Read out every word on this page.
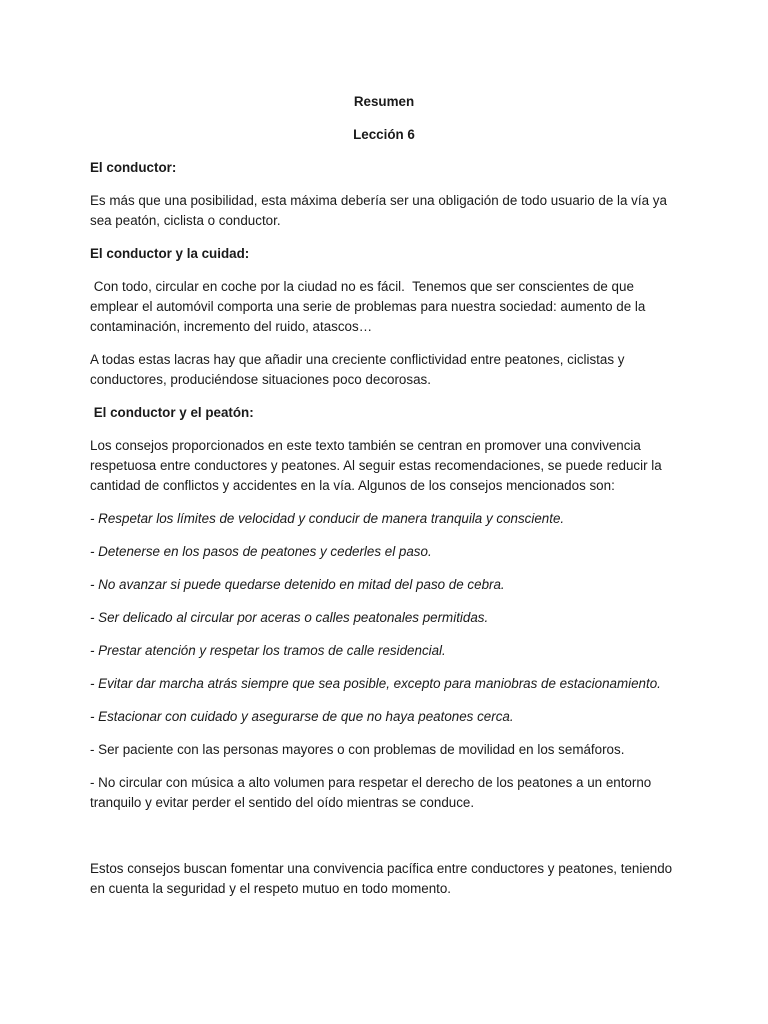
Resumen

Lección 6

El conductor:

Es más que una posibilidad, esta máxima debería ser una obligación de todo usuario de la vía ya sea peatón, ciclista o conductor.

El conductor y la cuidad:

Con todo, circular en coche por la ciudad no es fácil.  Tenemos que ser conscientes de que emplear el automóvil comporta una serie de problemas para nuestra sociedad: aumento de la contaminación, incremento del ruido, atascos…

A todas estas lacras hay que añadir una creciente conflictividad entre peatones, ciclistas y conductores, produciéndose situaciones poco decorosas.

El conductor y el peatón:

Los consejos proporcionados en este texto también se centran en promover una convivencia respetuosa entre conductores y peatones. Al seguir estas recomendaciones, se puede reducir la cantidad de conflictos y accidentes en la vía. Algunos de los consejos mencionados son:

- Respetar los límites de velocidad y conducir de manera tranquila y consciente.

- Detenerse en los pasos de peatones y cederles el paso.

- No avanzar si puede quedarse detenido en mitad del paso de cebra.

- Ser delicado al circular por aceras o calles peatonales permitidas.

- Prestar atención y respetar los tramos de calle residencial.

- Evitar dar marcha atrás siempre que sea posible, excepto para maniobras de estacionamiento.

- Estacionar con cuidado y asegurarse de que no haya peatones cerca.

- Ser paciente con las personas mayores o con problemas de movilidad en los semáforos.

- No circular con música a alto volumen para respetar el derecho de los peatones a un entorno tranquilo y evitar perder el sentido del oído mientras se conduce.

Estos consejos buscan fomentar una convivencia pacífica entre conductores y peatones, teniendo en cuenta la seguridad y el respeto mutuo en todo momento.
